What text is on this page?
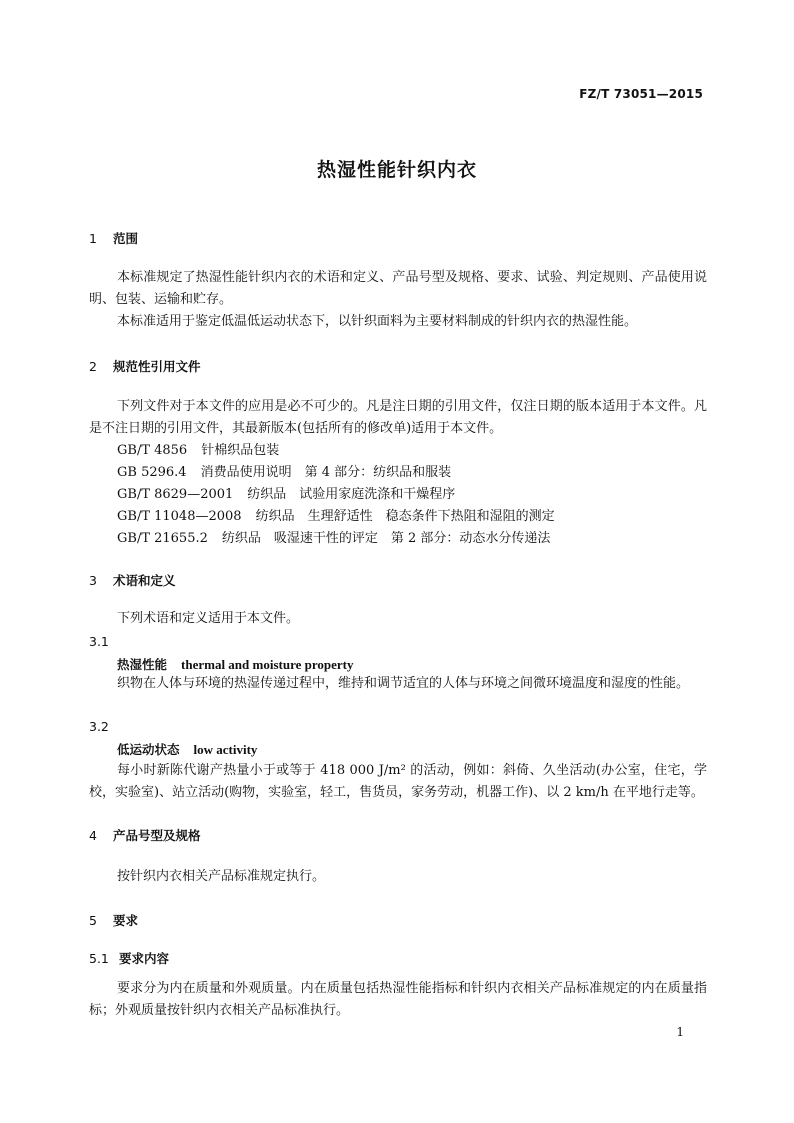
FZ/T 73051—2015
热湿性能针织内衣
1 范围
本标准规定了热湿性能针织内衣的术语和定义、产品号型及规格、要求、试验、判定规则、产品使用说明、包装、运输和贮存。
本标准适用于鉴定低温低运动状态下，以针织面料为主要材料制成的针织内衣的热湿性能。
2 规范性引用文件
下列文件对于本文件的应用是必不可少的。凡是注日期的引用文件，仅注日期的版本适用于本文件。凡是不注日期的引用文件，其最新版本(包括所有的修改单)适用于本文件。
GB/T 4856 针棉织品包装
GB 5296.4 消费品使用说明　第 4 部分：纺织品和服装
GB/T 8629—2001 纺织品　试验用家庭洗涤和干燥程序
GB/T 11048—2008 纺织品　生理舒适性　稳态条件下热阻和湿阻的测定
GB/T 21655.2 纺织品　吸湿速干性的评定　第 2 部分：动态水分传递法
3 术语和定义
下列术语和定义适用于本文件。
3.1
热湿性能 thermal and moisture property
织物在人体与环境的热湿传递过程中，维持和调节适宜的人体与环境之间微环境温度和湿度的性能。
3.2
低运动状态 low activity
每小时新陈代谢产热量小于或等于 418 000 J/m² 的活动，例如：斜倚、久坐活动(办公室，住宅，学校，实验室)、站立活动(购物，实验室，轻工，售货员，家务劳动，机器工作)、以 2 km/h 在平地行走等。
4 产品号型及规格
按针织内衣相关产品标准规定执行。
5 要求
5.1 要求内容
要求分为内在质量和外观质量。内在质量包括热湿性能指标和针织内衣相关产品标准规定的内在质量指标；外观质量按针织内衣相关产品标准执行。
1
